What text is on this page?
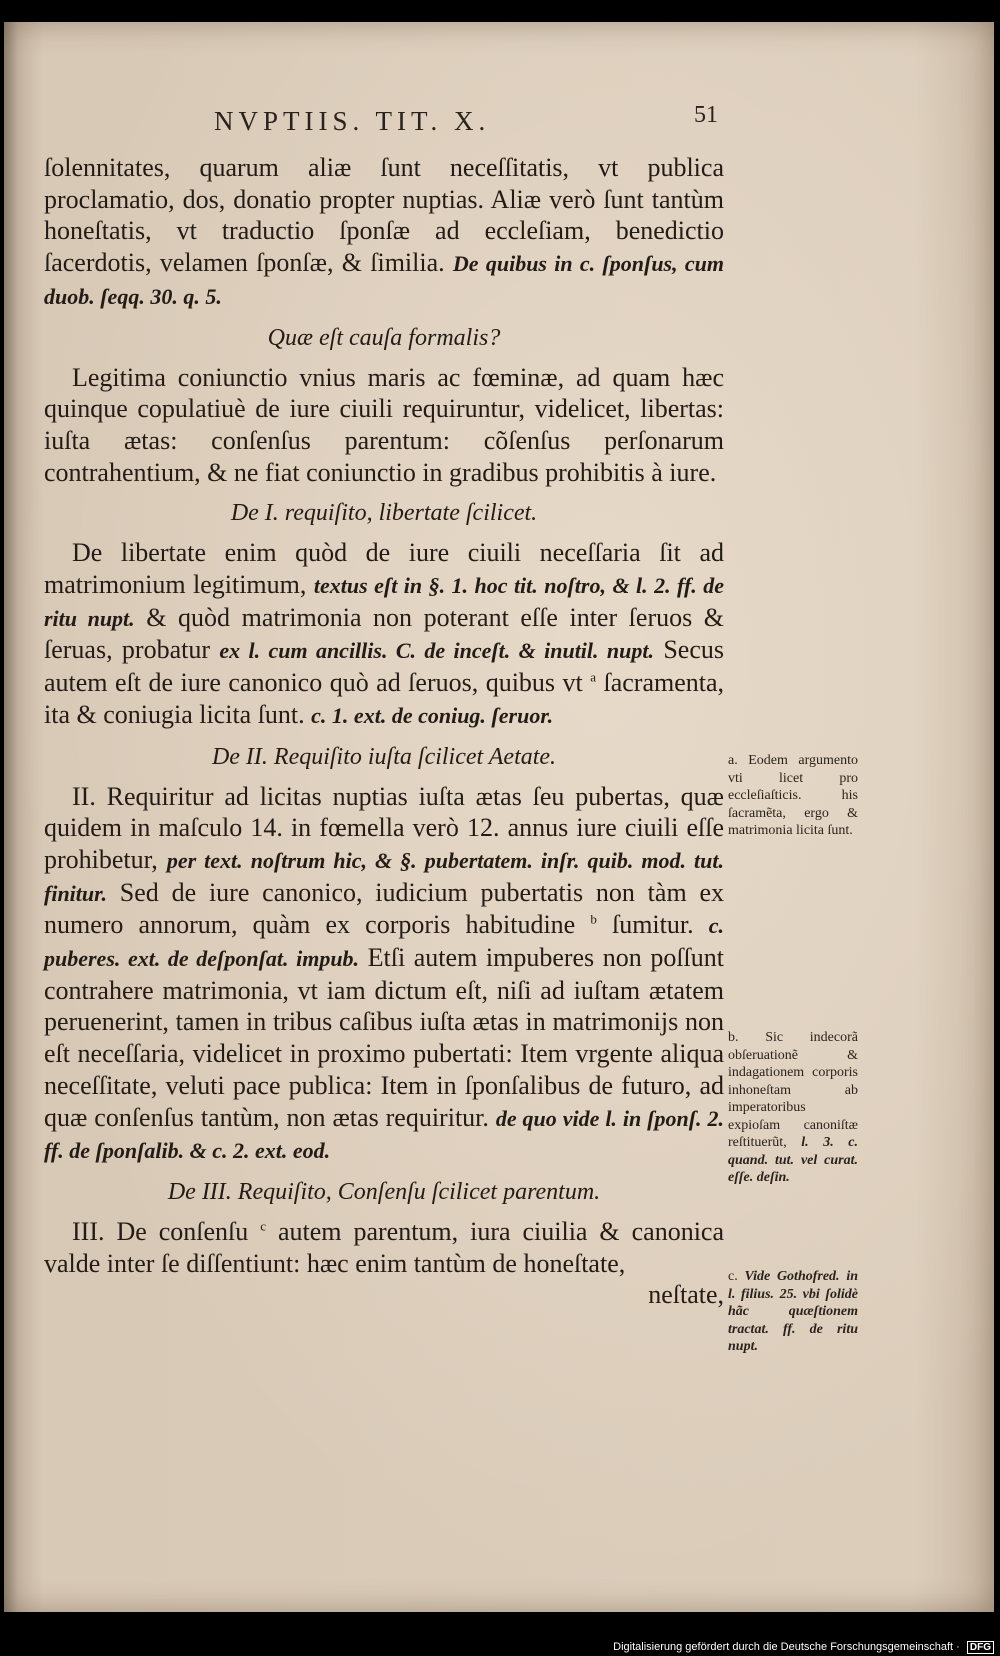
NVPTIIS. TIT. X.	51

ſolennitates, quarum aliæ ſunt neceſſitatis, vt publica proclamatio, dos, donatio propter nuptias. Aliæ verò ſunt tantùm honeſtatis, vt traductio ſponſæ ad eccleſiam, benedictio ſacerdotis, velamen ſponſæ, & ſimilia. De quibus in c. ſponſus, cum duob. ſeqq. 30. q. 5.

Quæ eſt cauſa formalis?

Legitima coniunctio vnius maris ac fœminæ, ad quam hæc quinque copulatiuè de iure ciuili requiruntur, videlicet, libertas: iuſta ætas: conſenſus parentum: cõſenſus perſonarum contrahentium, & ne fiat coniunctio in gradibus prohibitis à iure.

De I. requiſito, libertate ſcilicet.

De libertate enim quòd de iure ciuili neceſſaria ſit ad matrimonium legitimum, textus eſt in §. 1. hoc tit. noſtro, & l. 2. ff. de ritu nupt. & quòd matrimonia non poterant eſſe inter ſeruos & ſeruas, probatur ex l. cum ancillis. C. de inceſt. & inutil. nupt. Secus autem eſt de iure canonico quò ad ſeruos, quibus vt $^a$ ſacramenta, ita & coniugia licita ſunt. c. 1. ext. de coniug. ſeruor.

De II. Requiſito iuſta ſcilicet Aetate.

II. Requiritur ad licitas nuptias iuſta ætas ſeu pubertas, quæ quidem in maſculo 14. in fœmella verò 12. annus iure ciuili eſſe prohibetur, per text. noſtrum hic, & §. pubertatem. inſr. quib. mod. tut. finitur. Sed de iure canonico, iudicium pubertatis non tàm ex numero annorum, quàm ex corporis habitudine $^b$ ſumitur. c. puberes. ext. de deſponſat. impub. Etſi autem impuberes non poſſunt contrahere matrimonia, vt iam dictum eſt, niſi ad iuſtam ætatem peruenerint, tamen in tribus caſibus iuſta ætas in matrimonijs non eſt neceſſaria, videlicet in proximo pubertati: Item vrgente aliqua neceſſitate, veluti pace publica: Item in ſponſalibus de futuro, ad quæ conſenſus tantùm, non ætas requiritur. de quo vide l. in ſponſ. 2. ff. de ſponſalib. & c. 2. ext. eod.

De III. Requiſito, Conſenſu ſcilicet parentum.

III. De conſenſu $^c$ autem parentum, iura ciuilia & canonica valde inter ſe diſſentiunt: hæc enim tantùm de honeſtate,

neſtate,

a. Eodem argumento vti licet pro eccleſiaſticis. his ſacramẽta, ergo & matrimonia licita ſunt.
b. Sic indecorã obſeruationẽ & indagationem corporis inhoneſtam ab imperatoribus expioſam canoniſtæ reſtituerũt, l. 3. c. quand. tut. vel curat. eſſe. deſin.
c. Vide Gothofred. in l. filius. 25. vbi ſolidè hãc quæſtionem tractat. ff. de ritu nupt.
Digitalisierung gefördert durch die Deutsche Forschungsgemeinschaft · DFG
